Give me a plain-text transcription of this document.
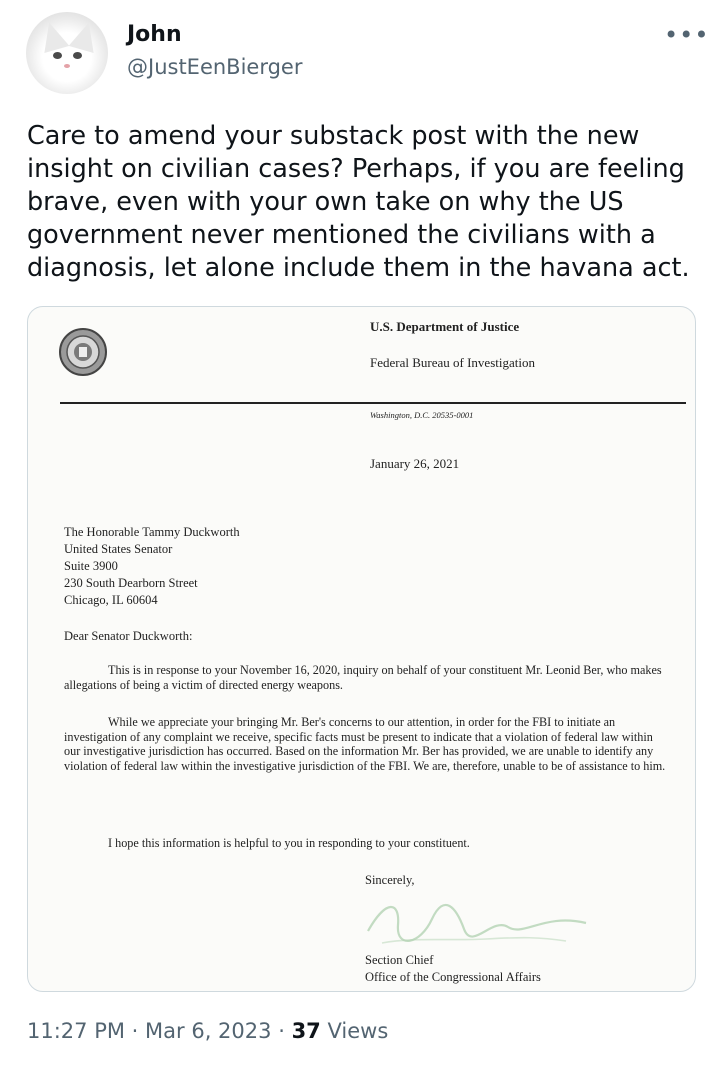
John
@JustEenBierger
•••

Care to amend your substack post with the new insight on civilian cases? Perhaps, if you are feeling brave, even with your own take on why the US government never mentioned the civilians with a diagnosis, let alone include them in the havana act.

U.S. Department of Justice
Federal Bureau of Investigation
Washington, D.C. 20535-0001
January 26, 2021
The Honorable Tammy Duckworth
United States Senator
Suite 3900
230 South Dearborn Street
Chicago, IL 60604
Dear Senator Duckworth:

This is in response to your November 16, 2020, inquiry on behalf of your constituent Mr. Leonid Ber, who makes allegations of being a victim of directed energy weapons.

While we appreciate your bringing Mr. Ber's concerns to our attention, in order for the FBI to initiate an investigation of any complaint we receive, specific facts must be present to indicate that a violation of federal law within our investigative jurisdiction has occurred. Based on the information Mr. Ber has provided, we are unable to identify any violation of federal law within the investigative jurisdiction of the FBI. We are, therefore, unable to be of assistance to him.

I hope this information is helpful to you in responding to your constituent.

Sincerely,
Section Chief
Office of the Congressional Affairs
11:27 PM · Mar 6, 2023 · 37 Views
